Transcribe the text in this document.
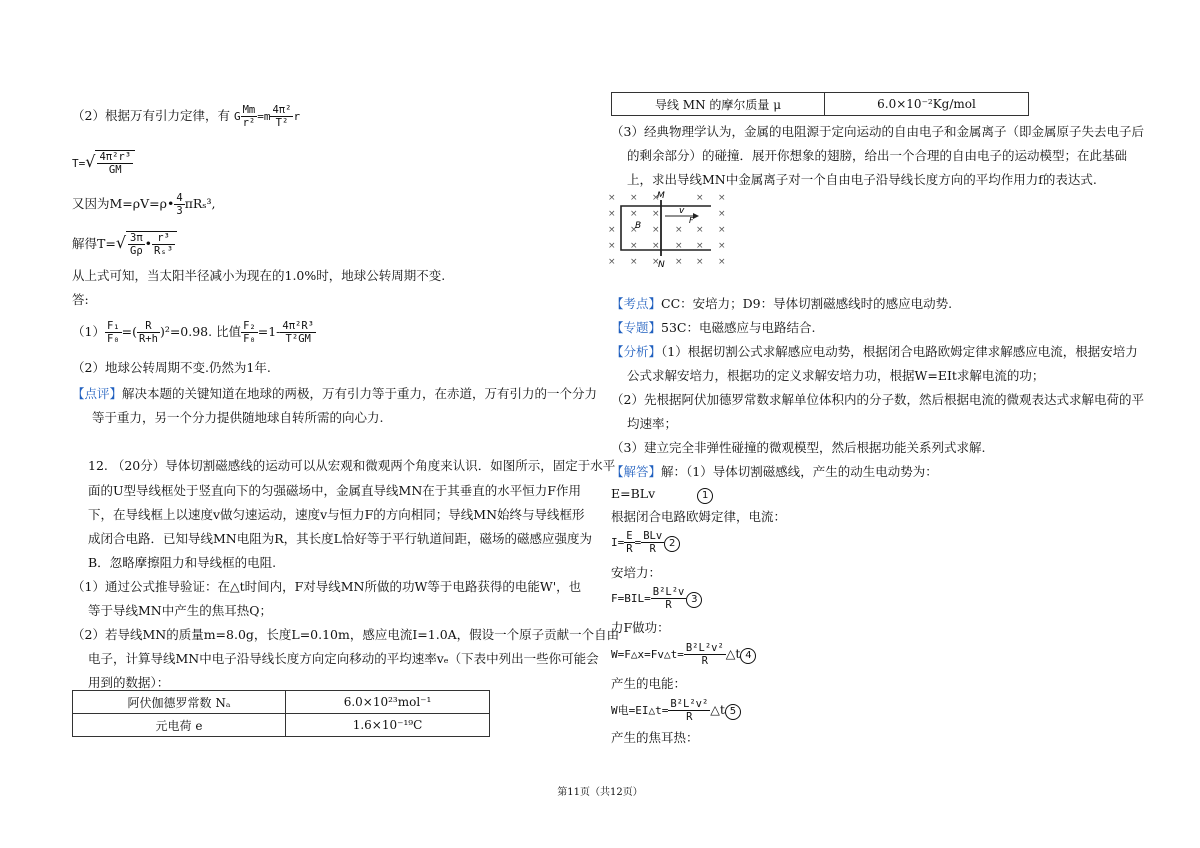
（2）根据万有引力定律，有 G $\frac{Mm}{\text{r²}} =m \frac{\text{4π²}}{\text{T²}}$ r
$T=√ \frac{\text{4π²r³}}{GM}$
又因为M=ρV=ρ• $\frac{4}{3} \pi R_s^3$,
解得$T=√ \frac{3\pi}{G\rho}$ • $\frac{\text{r³}}{\text{Rₛ³}}$
从上式可知，当太阳半径减小为现在的1.0%时，地球公转周期不变.
答:
$(1) \frac{\text{F₁}}{\text{F₀}}$ =( $\frac{R}{R+h} )^2=0.98$. 比值 $\frac{\text{F₂}}{\text{F₀}} =1- \frac{\text{4π²R³}}{\text{T²GM}}$
（2）地球公转周期不变.仍然为1年.
【点评】解决本题的关键知道在地球的两极，万有引力等于重力，在赤道，万有引力的一个分力
等于重力，另一个分力提供随地球自转所需的向心力.
12. （20分）导体切割磁感线的运动可以从宏观和微观两个角度来认识．如图所示，固定于水平
面的U型导线框处于竖直向下的匀强磁场中，金属直导线MN在于其垂直的水平恒力F作用
下，在导线框上以速度v做匀速运动，速度v与恒力F的方向相同；导线MN始终与导线框形
成闭合电路．已知导线MN电阻为R，其长度L恰好等于平行轨道间距，磁场的磁感应强度为
B．忽略摩擦阻力和导线框的电阻.
（1）通过公式推导验证：在△t时间内，F对导线MN所做的功W等于电路获得的电能W'，也
等于导线MN中产生的焦耳热Q；
（2）若导线MN的质量m=8.0g，长度L=0.10m，感应电流I=1.0A，假设一个原子贡献一个自由
电子，计算导线MN中电子沿导线长度方向定向移动的平均速率vₑ（下表中列出一些你可能会
用到的数据）：
阿伏伽德罗常数 Nₐ	6.0×10²³mol⁻¹
元电荷 e	1.6×10⁻¹⁹C
导线 MN 的摩尔质量 μ	6.0×10⁻²Kg/mol
（3）经典物理学认为，金属的电阻源于定向运动的自由电子和金属离子（即金属原子失去电子后
的剩余部分）的碰撞．展开你想象的翅膀，给出一个合理的自由电子的运动模型；在此基础
上，求出导线MN中金属离子对一个自由电子沿导线长度方向的平均作用力f的表达式.
× × ×	× ×
× × ×	×
× × × × × ×
× × × × × ×
× × × × × ×
M
N
B
v
F
【考点】CC：安培力；D9：导体切割磁感线时的感应电动势.
【专题】53C：电磁感应与电路结合.
【分析】（1）根据切割公式求解感应电动势，根据闭合电路欧姆定律求解感应电流，根据安培力
公式求解安培力，根据功的定义求解安培力功，根据W=EIt求解电流的功；
（2）先根据阿伏加德罗常数求解单位体积内的分子数，然后根据电流的微观表达式求解电荷的平
均速率；
（3）建立完全非弹性碰撞的微观模型，然后根据功能关系列式求解.
【解答】解：（1）导体切割磁感线，产生的动生电动势为：
E=BLv	1
根据闭合电路欧姆定律，电流：
$I= \frac{E}{R} = \frac{\text{BLv}}{R} 2$
安培力：
$F=BIL= \frac{\text{B²L²v}}{R} 3$
力F做功：
W=F△x=Fv△t= $\frac{\text{B²L²v²}}{R}$ △t 4
产生的电能：
W电=EI△t= $\frac{\text{B²L²v²}}{R}$ △t 5
产生的焦耳热：
第11页（共12页）
